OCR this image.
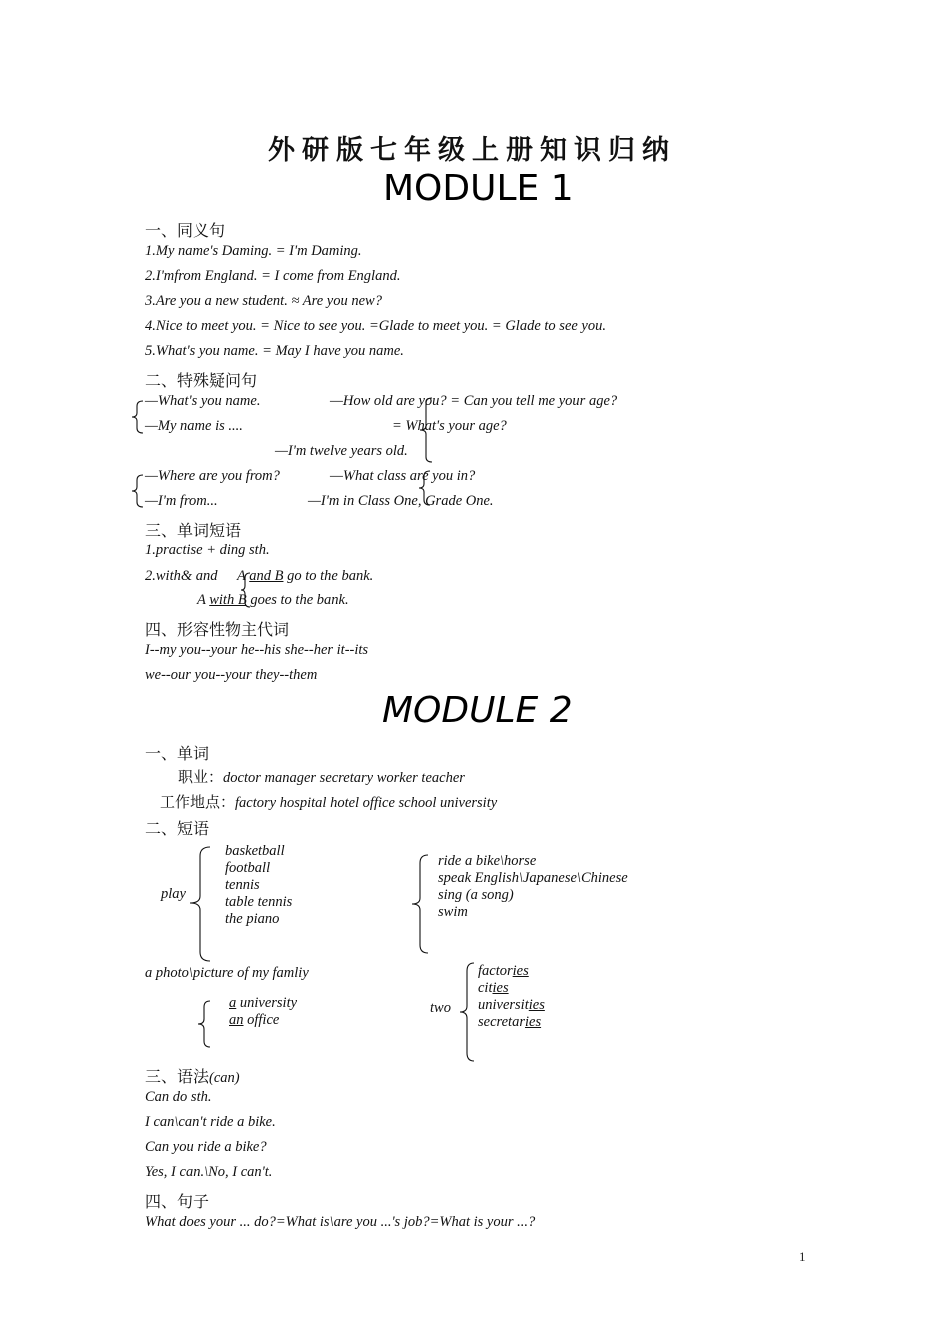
外研版七年级上册知识归纳
MODULE 1
一、同义句
1.My name's Daming. = I'm Daming.
2.I'mfrom England. = I come from England.
3.Are you a new student. ≈ Are you new?
4.Nice to meet you. = Nice to see you. =Glade to meet you. = Glade to see you.
5.What's you name. = May I have you name.
二、特殊疑问句
—What's you name.
—My name is ....
—How old are you? = Can you tell me your age?
= What's your age?
—I'm twelve years old.
—Where are you from?
—I'm from...
—What class are you in?
—I'm in Class One, Grade One.
三、单词短语
1.practise + ding sth.
2.with& and A and B go to the bank.
A with B goes to the bank.
四、形容性物主代词
I--my you--your he--his she--her it--its
we--our you--your they--them
MODULE 2
一、单词
职业：doctor manager secretary worker teacher
工作地点：factory hospital hotel office school university
二、短语
play
basketball
football
tennis
table tennis
the piano
ride a bike\horse
speak English\Japanese\Chinese
sing (a song)
swim
a photo\picture of my famliy
a university
an office
two
factories
cities
universities
secretaries
三、语法(can)
Can do sth.
I can\can't ride a bike.
Can you ride a bike?
Yes, I can.\No, I can't.
四、句子
What does your ... do?=What is\are you ...'s job?=What is your ...?
1
